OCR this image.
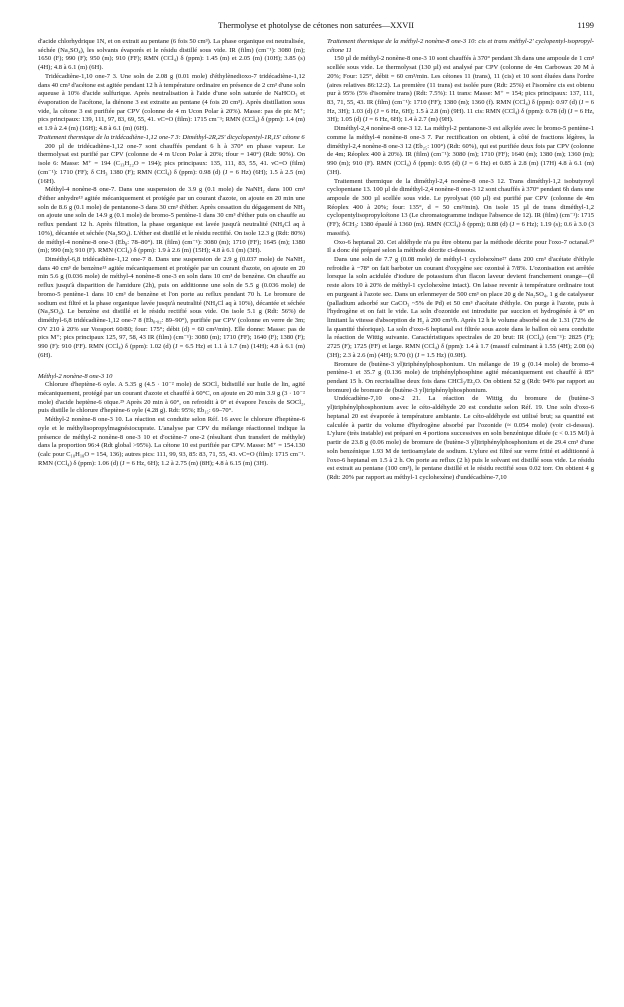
Thermolyse et photolyse de cétones non saturées—XXVII	1199

d'acide chlorhydrique 1N, et on extrait au pentane (6 fois 50 cm³). La phase organique est neutralisée, séchée (Na₂SO₄), les solvants évaporés et le résidu distillé sous vide. IR (film) (cm⁻¹): 3080 (m); 1650 (F); 990 (F); 950 (m); 910 (FF); RMN (CCl₄) δ (ppm): 1.45 (m) et 2.05 (m) (10H); 3.85 (s) (4H); 4.8 à 6.1 (m) (6H).

Tridécadiène-1,10 one-7 3. Une soln de 2.08 g (0.01 mole) d'éthylènedioxo-7 tridécadiène-1,12 dans 40 cm³ d'acétone est agitée pendant 12 h à température ordinaire en présence de 2 cm³ d'une soln aqueuse à 10% d'acide sulfurique. Après neutralisation à l'aide d'une soln saturée de NaHCO₃ et évaporation de l'acétone, la diénone 3 est extraite au pentane (4 fois 20 cm³). Après distillation sous vide, la cétone 3 est purifiée par CPV (colonne de 4 m Ucon Polar à 20%). Masse: pas de pic M⁺; pics principaux: 139, 111, 97, 83, 69, 55, 41. νC=O (film): 1715 cm⁻¹; RMN (CCl₄) δ (ppm): 1.4 (m) et 1.9 à 2.4 (m) (16H); 4.8 à 6.1 (m) (6H).

Traitement thermique de la tridécadiène-1,12 one-7 3: Diméthyl-2R,2S' dicyclopentyl-1R,1S' cétone 6

200 µl de tridécadiène-1,12 one-7 sont chauffés pendant 6 h à 370° en phase vapeur. Le thermolysat est purifié par CPV (colonne de 4 m Ucon Polar à 20%; tfour = 140°) (Rdt: 90%). On isole 6: Masse: M⁺ = 194 (C₁₃H₂₂O = 194); pics principaux: 135, 111, 83, 55, 41. νC=O (film) (cm⁻¹): 1710 (FF); δ CH₃ 1380 (F); RMN (CCl₄) δ (ppm): 0.98 (d) (J = 6 Hz) (6H); 1.5 à 2.5 (m) (16H).

Méthyl-4 nonène-8 one-7. Dans une suspension de 3.9 g (0.1 mole) de NaNH₂ dans 100 cm³ d'éther anhydre¹³ agitée mécaniquement et protégée par un courant d'azote, on ajoute en 20 min une soln de 8.6 g (0.1 mole) de pentanone-3 dans 30 cm³ d'éther. Après cessation du dégagement de NH₃ on ajoute une soln de 14.9 g (0.1 mole) de bromo-5 pentène-1 dans 30 cm³ d'éther puis on chauffe au reflux pendant 12 h. Après filtration, la phase organique est lavée jusqu'à neutralité (NH₄Cl aq à 10%), décantée et séchée (Na₂SO₄). L'éther est distillé et le résidu rectifié. On isole 12.3 g (Rdt: 80%) de méthyl-4 nonène-8 one-3 (Eb₈: 78–80°). IR (film) (cm⁻¹): 3080 (m); 1710 (FF); 1645 (m); 1380 (m); 990 (m); 910 (F). RMN (CCl₄) δ (ppm): 1.9 à 2.6 (m) (15H); 4.8 à 6.1 (m) (3H).

Diméthyl-6,8 tridécadiène-1,12 one-7 8. Dans une suspension de 2.9 g (0.037 mole) de NaNH₂ dans 40 cm³ de benzène¹³ agitée mécaniquement et protégée par un courant d'azote, on ajoute en 20 min 5.6 g (0.036 mole) de méthyl-4 nonène-8 one-3 en soln dans 10 cm³ de benzène. On chauffe au reflux jusqu'à disparition de l'amidure (2h), puis on additionne une soln de 5.5 g (0.036 mole) de bromo-5 pentène-1 dans 10 cm³ de benzène et l'on porte au reflux pendant 70 h. Le bromure de sodium est filtré et la phase organique lavée jusqu'à neutralité (NH₄Cl aq à 10%), décantée et séchée (Na₂SO₄). Le benzène est distillé et le résidu rectifié sous vide. On isole 5.1 g (Rdt: 56%) de diméthyl-6,8 tridécadiène-1,12 one-7 8 (Eb₀.₀₂: 89–90°), purifiée par CPV (colonne en verre de 3m; OV 210 à 20% sur Voraport 60/80; four: 175°; débit (d) = 60 cm³/min). Elle donne: Masse: pas de pics M⁺; pics principaux 125, 97, 58, 43 IR (film) (cm⁻¹): 3080 (m); 1710 (FF); 1640 (F); 1380 (F); 990 (F): 910 (FF). RMN (CCl₄) δ (ppm): 1.02 (d) (J = 6.5 Hz) et 1.1 à 1.7 (m) (14H); 4.8 à 6.1 (m) (6H).

Méthyl-2 nonène-8 one-3 10

Chlorure d'heptène-6 oyle. A 5.35 g (4.5 · 10⁻² mole) de SOCl₂ bidistillé sur huile de lin, agité mécaniquement, protégé par un courant d'azote et chauffé à 60°C, on ajoute en 20 min 3.9 g (3 · 10⁻² mole) d'acide heptène-6 oïque.²⁹ Après 20 min à 60°, on refroidit à 0° et évapore l'excès de SOCl₂, puis distille le chlorure d'heptène-6 oyle (4.28 g). Rdt: 95%; Eb₁₅: 69–70°.

Méthyl-2 nonène-8 one-3 10. La réaction est conduite selon Réf. 16 avec le chlorure d'heptène-6 oyle et le méthylisopropylmagnésiocuprate. L'analyse par CPV du mélange réactionnel indique la présence de méthyl-2 nonène-8 one-3 10 et d'octène-7 one-2 (résultant d'un transfert de méthyle) dans la proportion 96:4 (Rdt global >95%). La cétone 10 est purifiée par CPV. Masse: M⁺ = 154.130 (calc pour C₁₀H₁₈O = 154, 136); autres pics: 111, 99, 93, 85: 83, 71, 55, 43. νC=O (film): 1715 cm⁻¹. RMN (CCl₄) δ (ppm): 1.06 (d) (J = 6 Hz, 6H); 1.2 à 2.75 (m) (8H); 4.8 à 6.15 (m) (3H).

Traitement thermique de la méthyl-2 nonène-8 one-3 10: cis et trans méthyl-2' cyclopentyl-isopropyl-cétone 11

150 µl de méthyl-2 nonène-8 one-3 10 sont chauffés à 370° pendant 3h dans une ampoule de 1 cm³ scellée sous vide. Le thermolysat (130 µl) est analysé par CPV (colonne de 4m Carbowax 20 M à 20%; Four: 125°, débit = 60 cm³/min. Les cétones 11 (trans), 11 (cis) et 10 sont éluées dans l'ordre (aires relatives 86:12:2). La première (11 trans) est isolée pure (Rdt: 25%) et l'isomère cis est obtenu pur à 95% (5% d'isomère trans) (Rdt: 7.5%): 11 trans: Masse: M⁺ = 154; pics principaux: 137, 111, 83, 71, 55, 43. IR (film) (cm⁻¹): 1710 (FF); 1380 (m); 1360 (f). RMN (CCl₄) δ (ppm): 0.97 (d) (J = 6 Hz, 3H); 1.03 (d) (J = 6 Hz, 6H); 1.5 à 2.8 (m) (9H). 11 cis: RMN (CCl₄) δ (ppm): 0.78 (d) (J = 6 Hz, 3H); 1.05 (d) (J = 6 Hz, 6H); 1.4 à 2.7 (m) (9H).

Diméthyl-2,4 nonène-8 one-3 12. La méthyl-2 pentanone-3 est alkylée avec le bromo-5 pentène-1 comme la méthyl-4 nonène-8 one-3 7. Par rectification on obtient, à côté de fractions légères, la diméthyl-2,4 nonène-8 one-3 12 (Eb₂₅: 100°) (Rdt: 60%), qui est purifiée deux fois par CPV (colonne de 4m; Réoplex 400 à 20%). IR (film) (cm⁻¹): 3080 (m); 1710 (FF); 1640 (m); 1380 (m); 1360 (m); 990 (m); 910 (F). RMN (CCl₄) δ (ppm): 0.95 (d) (J = 6 Hz) et 0.85 à 2.8 (m) (17H) 4.8 à 6.1 (m) (3H).

Traitement thermique de la diméthyl-2,4 nonène-8 one-3 12. Trans diméthyl-1,2 isobutyroyl cyclopentane 13. 100 µl de diméthyl-2,4 nonène-8 one-3 12 sont chauffés à 370° pendant 6h dans une ampoule de 300 µl scellée sous vide. Le pyrolysat (60 µl) est purifié par CPV (colonne de 4m Réoplex 400 à 20%; four: 135°, d = 50 cm³/min). On isole 15 µl de trans diméthyl-1,2 cyclopentylisopropylcétone 13 (Le chromatogramme indique l'absence de 12). IR (film) (cm⁻¹): 1715 (FF); δCH₃: 1380 épaulé à 1360 (m). RMN (CCl₄) δ (ppm); 0.88 (d) (J = 6 Hz); 1.19 (s); 0.6 à 3.0 (3 massifs).

Oxo-6 heptanal 20. Cet aldéhyde n'a pu être obtenu par la méthode décrite pour l'oxo-7 octanal.²⁰ Il a donc été préparé selon la méthode décrite ci-dessous.

Dans une soln de 7.7 g (0.08 mole) de méthyl-1 cyclohexène²⁷ dans 200 cm³ d'acétate d'éthyle refroidie à −78° on fait barboter un courant d'oxygène sec ozonisé à 7/8%. L'ozonisation est arrêtée lorsque la soln acidulée d'iodure de potassium d'un flacon laveur devient franchement orange—(il reste alors 10 à 20% de méthyl-1 cyclohexène intact). On laisse revenir à température ordinaire tout en purgeant à l'azote sec. Dans un erlenmeyer de 500 cm³ on place 20 g de Na₂SO₄, 1 g de catalyseur (palladium adsorbé sur CaCO₃ ~5% de Pd) et 50 cm³ d'acétate d'éthyle. On purge à l'azote, puis à l'hydrogène et on fait le vide. La soln d'ozonide est introduite par succion et hydrogénée à 0° en limitant la vitesse d'absorption de H₂ à 200 cm³/h. Après 12 h le volume absorbé est de 1.31 (72% de la quantité théorique). La soln d'oxo-6 heptanal est filtrée sous azote dans le ballon où sera conduite la réaction de Wittig suivante. Caractéristiques spectrales de 20 brut: IR (CCl₄) (cm⁻¹): 2825 (F); 2725 (F); 1725 (FF) et large. RMN (CCl₄) δ (ppm): 1.4 à 1.7 (massif culminant à 1.55 (4H); 2.08 (s) (3H); 2.3 à 2.6 (m) (4H); 9.70 (t) (J = 1.5 Hz) (0.9H).

Bromure de (butène-3 yl)triphénylphosphonium. Un mélange de 19 g (0.14 mole) de bromo-4 pentène-1 et 35.7 g (0.136 mole) de triphénylphosphine agité mécaniquement est chauffé à 85° pendant 15 h. On recristallise deux fois dans CHCl₃/Et₂O. On obtient 52 g (Rdt: 94% par rapport au bromure) de bromure de (butène-3 yl)triphénylphosphonium.

Undécadiène-7,10 one-2 21. La réaction de Wittig du bromure de (butène-3 yl)triphénylphosphonium avec le céto-aldéhyde 20 est conduite selon Réf. 19. Une soln d'oxo-6 heptanal 20 est évaporée à température ambiante. Le céto-aldéhyde est utilisé brut; sa quantité est calculée à partir du volume d'hydrogène absorbé par l'ozonide (≈ 0.054 mole) (voir ci-dessus). L'ylure (très instable) est préparé en 4 portions successives en soln benzénique diluée (c < 0.15 M/l) à partir de 23.8 g (0.06 mole) de bromure de (butène-3 yl)triphénylphosphonium et de 29.4 cm³ d'une soln benzénique 1.93 M de tertioamylate de sodium. L'ylure est filtré sur verre fritté et additionné à l'oxo-6 heptanal en 1.5 à 2 h. On porte au reflux (2 h) puis le solvant est distillé sous vide. Le résidu est extrait au pentane (100 cm³), le pentane distillé et le résidu rectifié sous 0.02 torr. On obtient 4 g (Rdt: 20% par rapport au méthyl-1 cyclohexène) d'undécadiène-7,10
